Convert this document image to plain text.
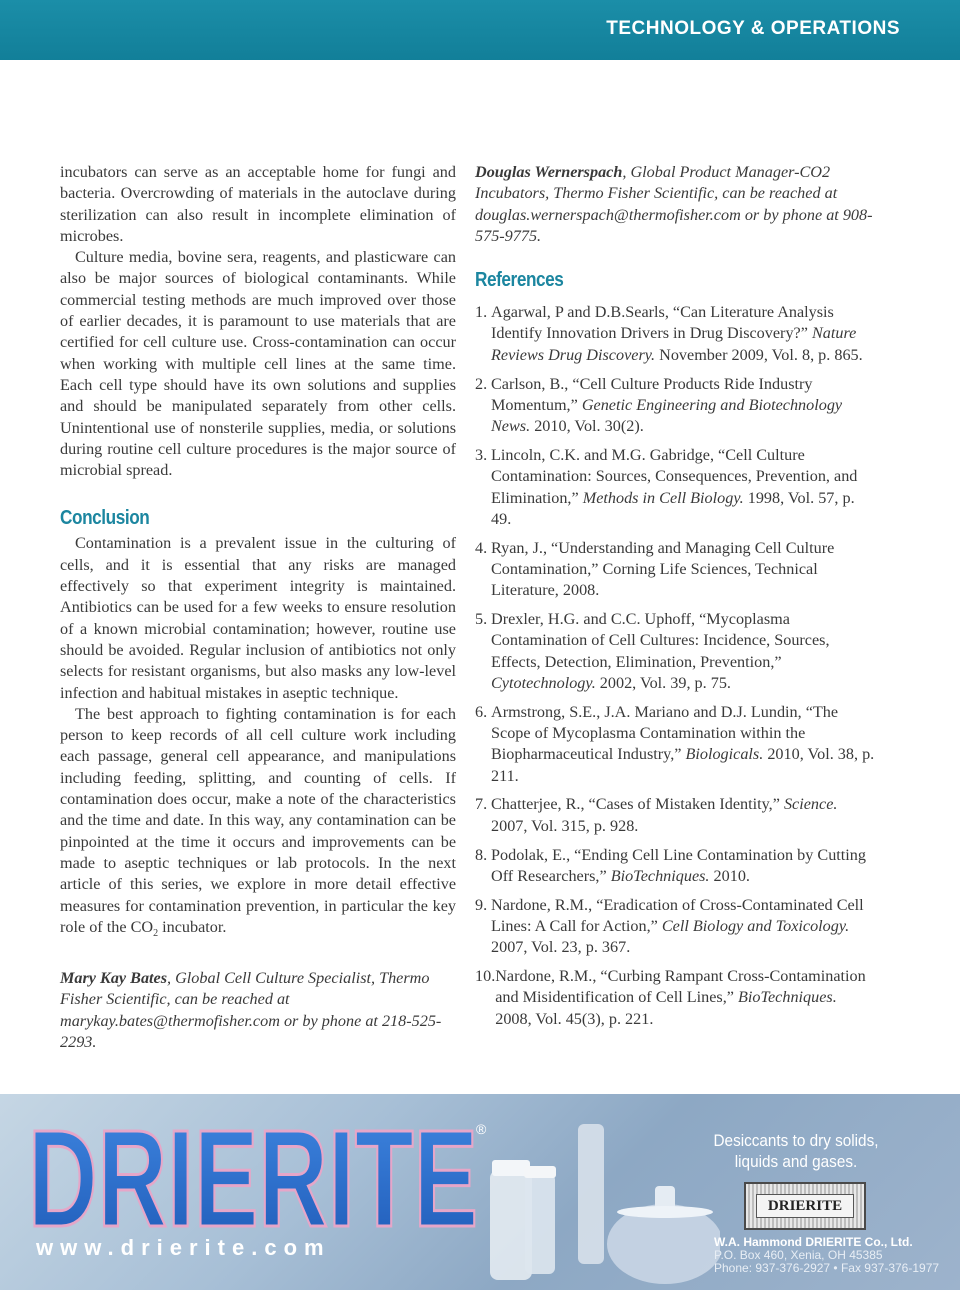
TECHNOLOGY & OPERATIONS

incubators can serve as an acceptable home for fungi and bacteria. Overcrowding of materials in the autoclave during sterilization can also result in incomplete elimination of microbes.

Culture media, bovine sera, reagents, and plasticware can also be major sources of biological contaminants. While commercial testing methods are much improved over those of earlier decades, it is paramount to use materials that are certified for cell culture use. Cross-contamination can occur when working with multiple cell lines at the same time. Each cell type should have its own solutions and supplies and should be manipulated separately from other cells. Unintentional use of nonsterile supplies, media, or solutions during routine cell culture procedures is the major source of microbial spread.

Conclusion

Contamination is a prevalent issue in the culturing of cells, and it is essential that any risks are managed effectively so that experiment integrity is maintained. Antibiotics can be used for a few weeks to ensure resolution of a known microbial contamination; however, routine use should be avoided. Regular inclusion of antibiotics not only selects for resistant organisms, but also masks any low-level infection and habitual mistakes in aseptic technique.

The best approach to fighting contamination is for each person to keep records of all cell culture work including each passage, general cell appearance, and manipulations including feeding, splitting, and counting of cells. If contamination does occur, make a note of the characteristics and the time and date. In this way, any contamination can be pinpointed at the time it occurs and improvements can be made to aseptic techniques or lab protocols. In the next article of this series, we explore in more detail effective measures for contamination prevention, in particular the key role of the $CO_2$ incubator.

Mary Kay Bates, Global Cell Culture Specialist, Thermo Fisher Scientific, can be reached at marykay.bates@thermofisher.com or by phone at 218-525-2293.

Douglas Wernerspach, Global Product Manager-CO2 Incubators, Thermo Fisher Scientific, can be reached at douglas.wernerspach@thermofisher.com or by phone at 908-575-9775.

References
1. Agarwal, P and D.B.Searls, “Can Literature Analysis Identify Innovation Drivers in Drug Discovery?” Nature Reviews Drug Discovery. November 2009, Vol. 8, p. 865.
2. Carlson, B., “Cell Culture Products Ride Industry Momentum,” Genetic Engineering and Biotechnology News. 2010, Vol. 30(2).
3. Lincoln, C.K. and M.G. Gabridge, “Cell Culture Contamination: Sources, Consequences, Prevention, and Elimination,” Methods in Cell Biology. 1998, Vol. 57, p. 49.
4. Ryan, J., “Understanding and Managing Cell Culture Contamination,” Corning Life Sciences, Technical Literature, 2008.
5. Drexler, H.G. and C.C. Uphoff, “Mycoplasma Contamination of Cell Cultures: Incidence, Sources, Effects, Detection, Elimination, Prevention,” Cytotechnology. 2002, Vol. 39, p. 75.
6. Armstrong, S.E., J.A. Mariano and D.J. Lundin, “The Scope of Mycoplasma Contamination within the Biopharmaceutical Industry,” Biologicals. 2010, Vol. 38, p. 211.
7. Chatterjee, R., “Cases of Mistaken Identity,” Science. 2007, Vol. 315, p. 928.
8. Podolak, E., “Ending Cell Line Contamination by Cutting Off Researchers,” BioTechniques. 2010.
9. Nardone, R.M., “Eradication of Cross-Contaminated Cell Lines: A Call for Action,” Cell Biology and Toxicology. 2007, Vol. 23, p. 367.
10. Nardone, R.M., “Curbing Rampant Cross-Contamination and Misidentification of Cell Lines,” BioTechniques. 2008, Vol. 45(3), p. 221.
DRIERITE
®
www.drierite.com
Desiccants to dry solids,
liquids and gases.
DRIERITE
W.A. Hammond DRIERITE Co., Ltd.
P.O. Box 460, Xenia, OH 45385
Phone: 937-376-2927 • Fax 937-376-1977
